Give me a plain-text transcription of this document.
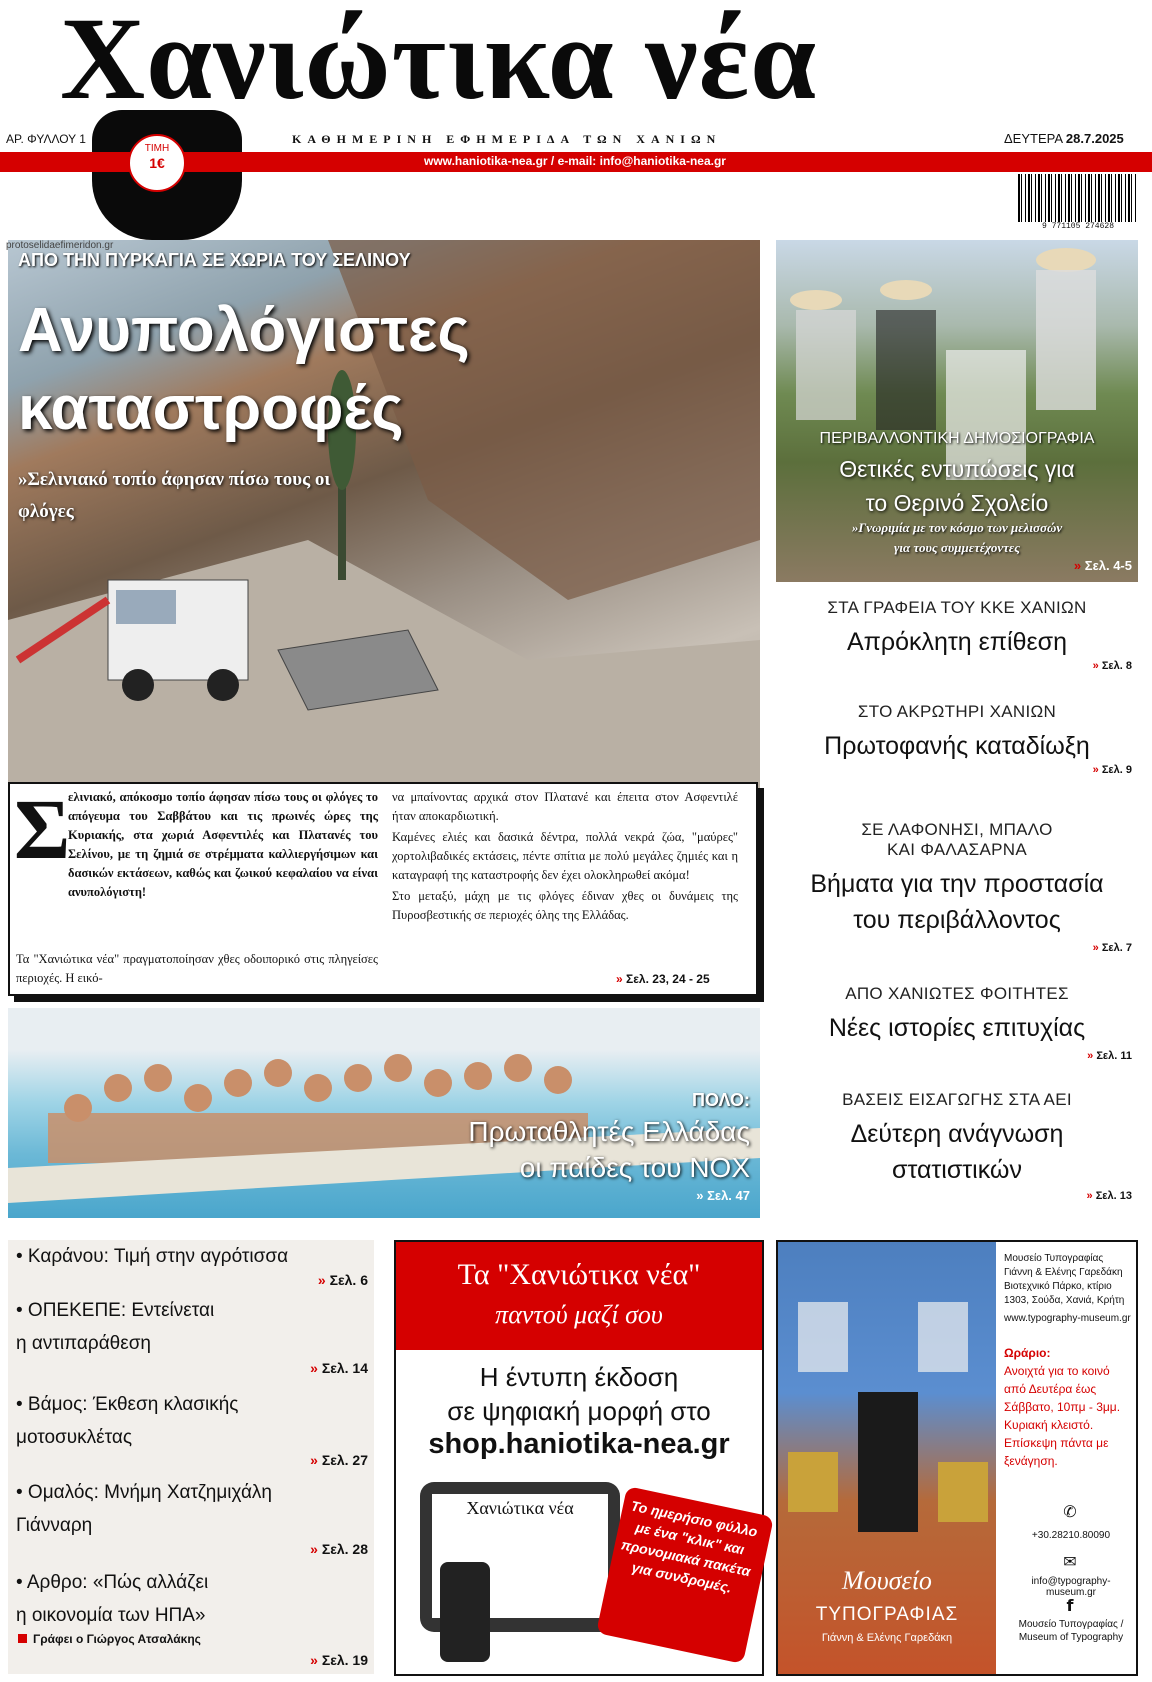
Χανιώτικα νέα
ΑΡ. ΦΥΛΛΟΥ 1	ΚΑΘΗΜΕΡΙΝΗ ΕΦΗΜΕΡΙΔΑ ΤΩΝ ΧΑΝΙΩΝ	ΔΕΥΤΕΡΑ 28.7.2025
www.haniotika-nea.gr / e-mail: info@haniotika-nea.gr
ΤΙΜΗ
1€
9 771105 274628
protoselidaefimeridon.gr
ΑΠΟ ΤΗΝ ΠΥΡΚΑΓΙΑ ΣΕ ΧΩΡΙΑ ΤΟΥ ΣΕΛΙΝΟΥ
Ανυπολόγιστες
καταστροφές
»Σελινιακό τοπίο άφησαν πίσω τους οι φλόγες
Σ
ελινιακό, απόκοσμο τοπίο άφησαν πίσω τους οι φλόγες το απόγευμα του Σαββάτου και τις πρωινές ώρες της Κυριακής, στα χωριά Ασφεντιλές και Πλατανές του Σελίνου, με τη ζημιά σε στρέμματα καλλιεργήσιμων και δασικών εκτάσεων, καθώς και ζωικού κεφαλαίου να είναι ανυπολόγιστη!
Τα "Χανιώτικα νέα" πραγματοποίησαν χθες οδοιπορικό στις πληγείσες περιοχές. Η εικό-

να μπαίνοντας αρχικά στον Πλατανέ και έπειτα στον Ασφεντιλέ ήταν αποκαρδιωτική.

Καμένες ελιές και δασικά δέντρα, πολλά νεκρά ζώα, "μαύρες" χορτολιβαδικές εκτάσεις, πέντε σπίτια με πολύ μεγάλες ζημιές και η καταγραφή της καταστροφής δεν έχει ολοκληρωθεί ακόμα!

Στο μεταξύ, μάχη με τις φλόγες έδιναν χθες οι δυνάμεις της Πυροσβεστικής σε περιοχές όλης της Ελλάδας.

» Σελ. 23, 24 - 25
ΠΟΛΟ:
Πρωταθλητές Ελλάδας
οι παίδες του ΝΟΧ
» Σελ. 47
ΠΕΡΙΒΑΛΛΟΝΤΙΚΗ ΔΗΜΟΣΙΟΓΡΑΦΙΑ
Θετικές εντυπώσεις για
το Θερινό Σχολείο
»Γνωριμία με τον κόσμο των μελισσών
για τους συμμετέχοντες
» Σελ. 4-5
ΣΤΑ ΓΡΑΦΕΙΑ ΤΟΥ ΚΚΕ ΧΑΝΙΩΝ
Απρόκλητη επίθεση
» Σελ. 8
ΣΤΟ ΑΚΡΩΤΗΡΙ ΧΑΝΙΩΝ
Πρωτοφανής καταδίωξη
» Σελ. 9
ΣΕ ΛΑΦΟΝΗΣΙ, ΜΠΑΛΟ
ΚΑΙ ΦΑΛΑΣΑΡΝΑ
Βήματα για την προστασία
του περιβάλλοντος
» Σελ. 7
ΑΠΟ ΧΑΝΙΩΤΕΣ ΦΟΙΤΗΤΕΣ
Νέες ιστορίες επιτυχίας
» Σελ. 11
ΒΑΣΕΙΣ ΕΙΣΑΓΩΓΗΣ ΣΤΑ ΑΕΙ
Δεύτερη ανάγνωση
στατιστικών
» Σελ. 13
• Καράνου: Τιμή στην αγρότισσα
» Σελ. 6
• ΟΠΕΚΕΠΕ: Εντείνεται
η αντιπαράθεση
» Σελ. 14
• Βάμος: Έκθεση κλασικής
μοτοσυκλέτας
» Σελ. 27
• Ομαλός: Μνήμη Χατζημιχάλη
Γιάνναρη
» Σελ. 28
• Αρθρο: «Πώς αλλάζει
η οικονομία των ΗΠΑ»
Γράφει ο Γιώργος Ατσαλάκης
» Σελ. 19
Τα "Χανιώτικα νέα"
παντού μαζί σου
Η έντυπη έκδοση
σε ψηφιακή μορφή στο
shop.haniotika-nea.gr
Χανιώτικα νέα	Το ημερήσιο φύλλο με ένα "κλικ" και προνομιακά πακέτα για συνδρομές.	Μουσείο
ΤΥΠΟΓΡΑΦΙΑΣ
Γιάννη & Ελένης Γαρεδάκη
Μουσείο Τυπογραφίας Γιάννη & Ελένης Γαρεδάκη Βιοτεχνικό Πάρκο, κτίριο 1303, Σούδα, Χανιά, Κρήτη
www.typography-museum.gr
Ωράριο:
Ανοιχτά για το κοινό από Δευτέρα έως Σάββατο, 10πμ - 3μμ. Κυριακή κλειστό. Επίσκεψη πάντα με ξενάγηση.
✆
+30.28210.80090
✉
info@typography-museum.gr
f
Μουσείο Τυπογραφίας / Museum of Typography
